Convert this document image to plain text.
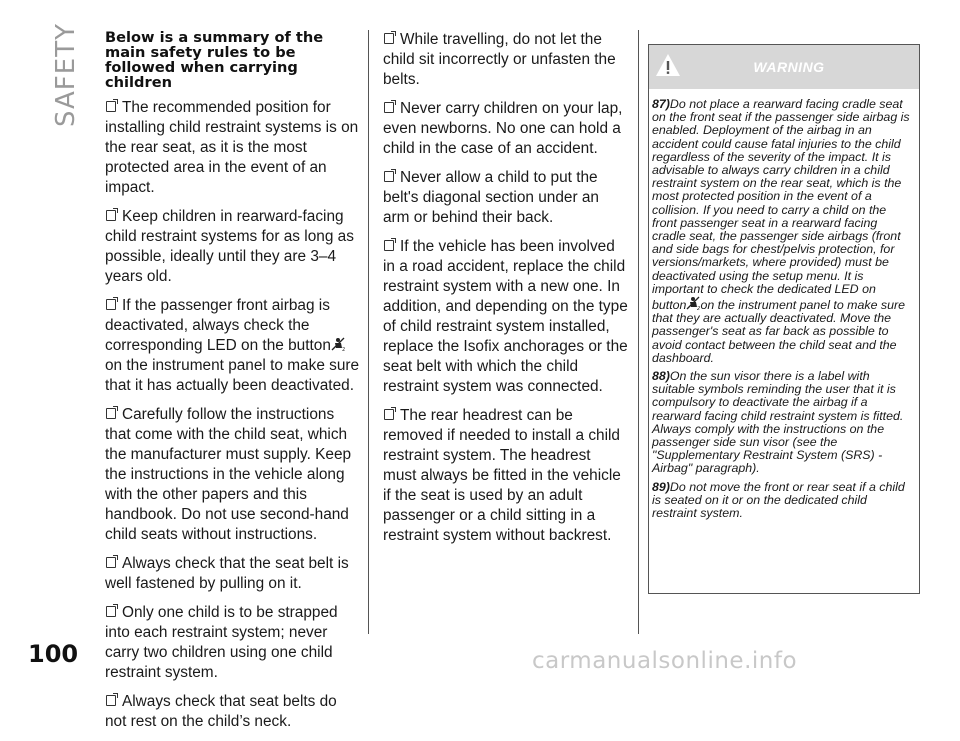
SAFETY
100
Below is a summary of the main safety rules to be followed when carrying children

The recommended position for installing child restraint systems is on the rear seat, as it is the most protected area in the event of an impact.

Keep children in rearward-facing child restraint systems for as long as possible, ideally until they are 3–4 years old.

If the passenger front airbag is deactivated, always check the corresponding LED on the button 2
on the instrument panel to make sure that it has actually been deactivated.

Carefully follow the instructions that come with the child seat, which the manufacturer must supply. Keep the instructions in the vehicle along with the other papers and this handbook. Do not use second-hand child seats without instructions.

Always check that the seat belt is well fastened by pulling on it.

Only one child is to be strapped into each restraint system; never carry two children using one child restraint system.

Always check that seat belts do not rest on the child’s neck.

While travelling, do not let the child sit incorrectly or unfasten the belts.

Never carry children on your lap, even newborns. No one can hold a child in the case of an accident.

Never allow a child to put the belt's diagonal section under an arm or behind their back.

If the vehicle has been involved in a road accident, replace the child restraint system with a new one. In addition, and depending on the type of child restraint system installed, replace the Isofix anchorages or the seat belt with which the child restraint system was connected.

The rear headrest can be removed if needed to install a child restraint system. The headrest must always be fitted in the vehicle if the seat is used by an adult passenger or a child sitting in a restraint system without backrest.

WARNING

87)Do not place a rearward facing cradle seat on the front seat if the passenger side airbag is enabled. Deployment of the airbag in an accident could cause fatal injuries to the child regardless of the severity of the impact. It is advisable to always carry children in a child restraint system on the rear seat, which is the most protected position in the event of a collision. If you need to carry a child on the front passenger seat in a rearward facing cradle seat, the passenger side airbags (front and side bags for chest/pelvis protection, for versions/markets, where provided) must be deactivated using the setup menu. It is important to check the dedicated LED on button 2 on the instrument panel to make sure that they are actually deactivated. Move the passenger's seat as far back as possible to avoid contact between the child seat and the dashboard.

88)On the sun visor there is a label with suitable symbols reminding the user that it is compulsory to deactivate the airbag if a rearward facing child restraint system is fitted. Always comply with the instructions on the passenger side sun visor (see the "Supplementary Restraint System (SRS) - Airbag" paragraph).

89)Do not move the front or rear seat if a child is seated on it or on the dedicated child restraint system.

carmanualsonline.info
